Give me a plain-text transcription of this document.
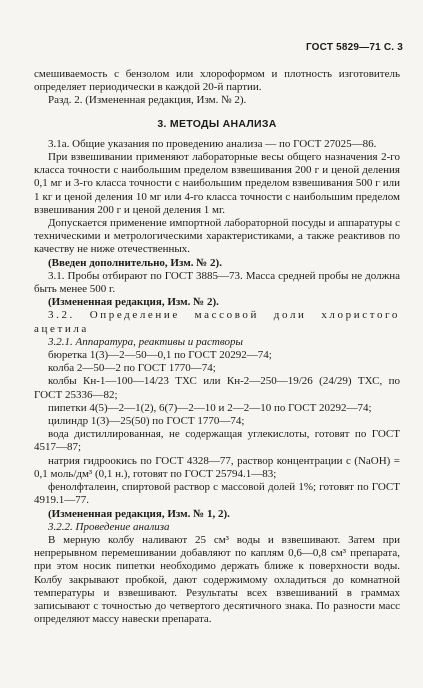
ГОСТ 5829—71 С. 3

смешиваемость с бензолом или хлороформом и плотность изготовитель определяет периодически в каждой 20-й партии.

Разд. 2. (Измененная редакция, Изм. № 2).

3. МЕТОДЫ АНАЛИЗА

3.1а. Общие указания по проведению анализа — по ГОСТ 27025—86.

При взвешивании применяют лабораторные весы общего назначения 2-го класса точности с наибольшим пределом взвешивания 200 г и ценой деления 0,1 мг и 3-го класса точности с наибольшим пределом взвешивания 500 г или 1 кг и ценой деления 10 мг или 4-го класса точности с наибольшим пределом взвешивания 200 г и ценой деления 1 мг.

Допускается применение импортной лабораторной посуды и аппаратуры с техническими и метрологическими характеристиками, а также реактивов по качеству не ниже отечественных.

(Введен дополнительно, Изм. № 2).

3.1. Пробы отбирают по ГОСТ 3885—73. Масса средней пробы не должна быть менее 500 г.

(Измененная редакция, Изм. № 2).

3.2. Определение массовой доли хлористого ацетила

3.2.1. Аппаратура, реактивы и растворы

бюретка 1(3)—2—50—0,1 по ГОСТ 20292—74;

колба 2—50—2 по ГОСТ 1770—74;

колбы Кн-1—100—14/23 ТХС или Кн-2—250—19/26 (24/29) ТХС, по ГОСТ 25336—82;

пипетки 4(5)—2—1(2), 6(7)—2—10 и 2—2—10 по ГОСТ 20292—74;

цилиндр 1(3)—25(50) по ГОСТ 1770—74;

вода дистиллированная, не содержащая углекислоты, готовят по ГОСТ 4517—87;

натрия гидроокись по ГОСТ 4328—77, раствор концентрации с (NaOH) = 0,1 моль/дм³ (0,1 н.), готовят по ГОСТ 25794.1—83;

фенолфталеин, спиртовой раствор с массовой долей 1%; готовят по ГОСТ 4919.1—77.

(Измененная редакция, Изм. № 1, 2).

3.2.2. Проведение анализа

В мерную колбу наливают 25 см³ воды и взвешивают. Затем при непрерывном перемешивании добавляют по каплям 0,6—0,8 см³ препарата, при этом носик пипетки необходимо держать ближе к поверхности воды. Колбу закрывают пробкой, дают содержимому охладиться до комнатной температуры и взвешивают. Результаты всех взвешиваний в граммах записывают с точностью до четвертого десятичного знака. По разности масс определяют массу навески препарата.
